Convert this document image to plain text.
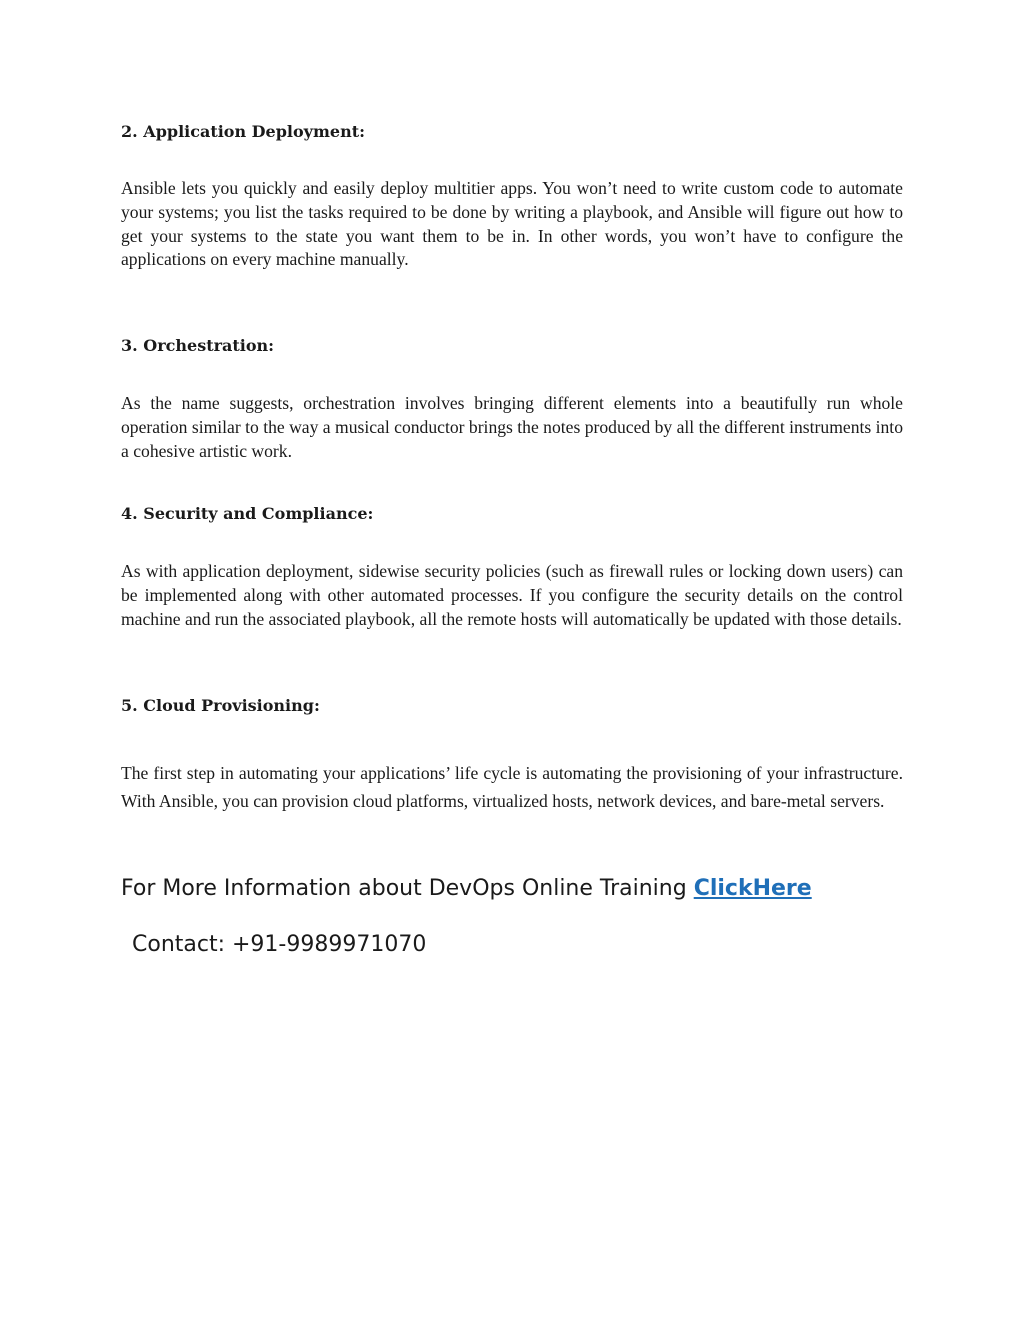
2. Application Deployment:

Ansible lets you quickly and easily deploy multitier apps. You won’t need to write custom code to automate your systems; you list the tasks required to be done by writing a playbook, and Ansible will figure out how to get your systems to the state you want them to be in. In other words, you won’t have to configure the applications on every machine manually.

3. Orchestration:

As the name suggests, orchestration involves bringing different elements into a beautifully run whole operation similar to the way a musical conductor brings the notes produced by all the different instruments into a cohesive artistic work.

4. Security and Compliance:

As with application deployment, sidewise security policies (such as firewall rules or locking down users) can be implemented along with other automated processes. If you configure the security details on the control machine and run the associated playbook, all the remote hosts will automatically be updated with those details.

5. Cloud Provisioning:

The first step in automating your applications’ life cycle is automating the provisioning of your infrastructure. With Ansible, you can provision cloud platforms, virtualized hosts, network devices, and bare-metal servers.

For More Information about DevOps Online Training ClickHere

Contact: +91-9989971070
